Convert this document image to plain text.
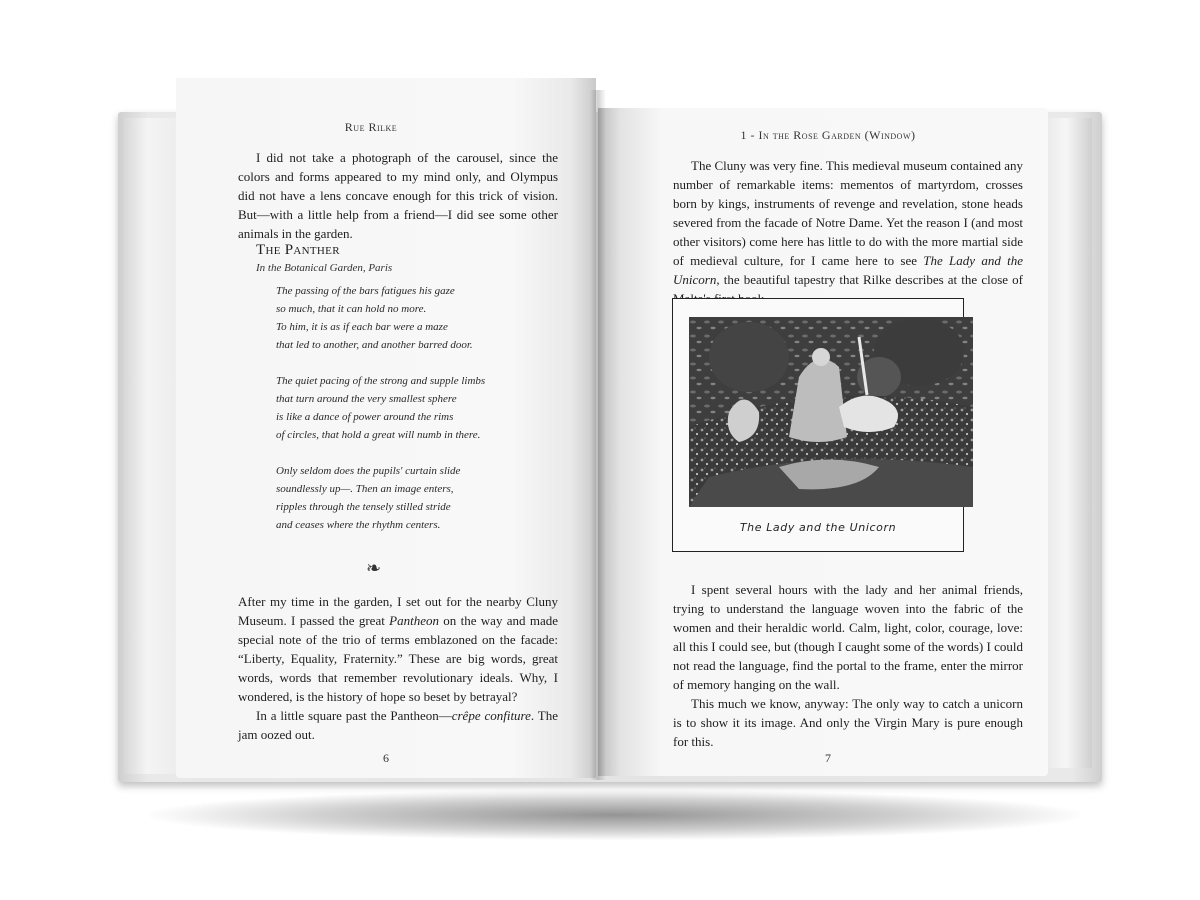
Rue Rilke

I did not take a photograph of the carousel, since the colors and forms appeared to my mind only, and Olympus did not have a lens concave enough for this trick of vision. But—with a little help from a friend—I did see some other animals in the garden.

The Panther
In the Botanical Garden, Paris
The passing of the bars fatigues his gaze
so much, that it can hold no more.
To him, it is as if each bar were a maze
that led to another, and another barred door.
The quiet pacing of the strong and supple limbs
that turn around the very smallest sphere
is like a dance of power around the rims
of circles, that hold a great will numb in there.
Only seldom does the pupils' curtain slide
soundlessly up—. Then an image enters,
ripples through the tensely stilled stride
and ceases where the rhythm centers.
❧

After my time in the garden, I set out for the nearby Cluny Museum. I passed the great Pantheon on the way and made special note of the trio of terms emblazoned on the facade: “Liberty, Equality, Fraternity.” These are big words, great words, words that remember revolutionary ideals. Why, I wondered, is the history of hope so beset by betrayal?

In a little square past the Pantheon—crêpe confiture. The jam oozed out.

6
1 - In the Rose Garden (Window)

The Cluny was very fine. This medieval museum contained any number of remarkable items: mementos of martyrdom, crosses born by kings, instruments of revenge and revelation, stone heads severed from the facade of Notre Dame. Yet the reason I (and most other visitors) come here has little to do with the more martial side of medieval culture, for I came here to see The Lady and the Unicorn, the beautiful tapestry that Rilke describes at the close of

The Lady and the Unicorn

I spent several hours with the lady and her animal friends, trying to understand the language woven into the fabric of the women and their heraldic world. Calm, light, color, courage, love: all this I could see, but (though I caught some of the words) I could not read the language, find the portal to the frame, enter the mirror of memory hanging on the wall.

This much we know, anyway: The only way to catch a unicorn is to show it its image. And only the Virgin Mary is pure enough for this.

7
